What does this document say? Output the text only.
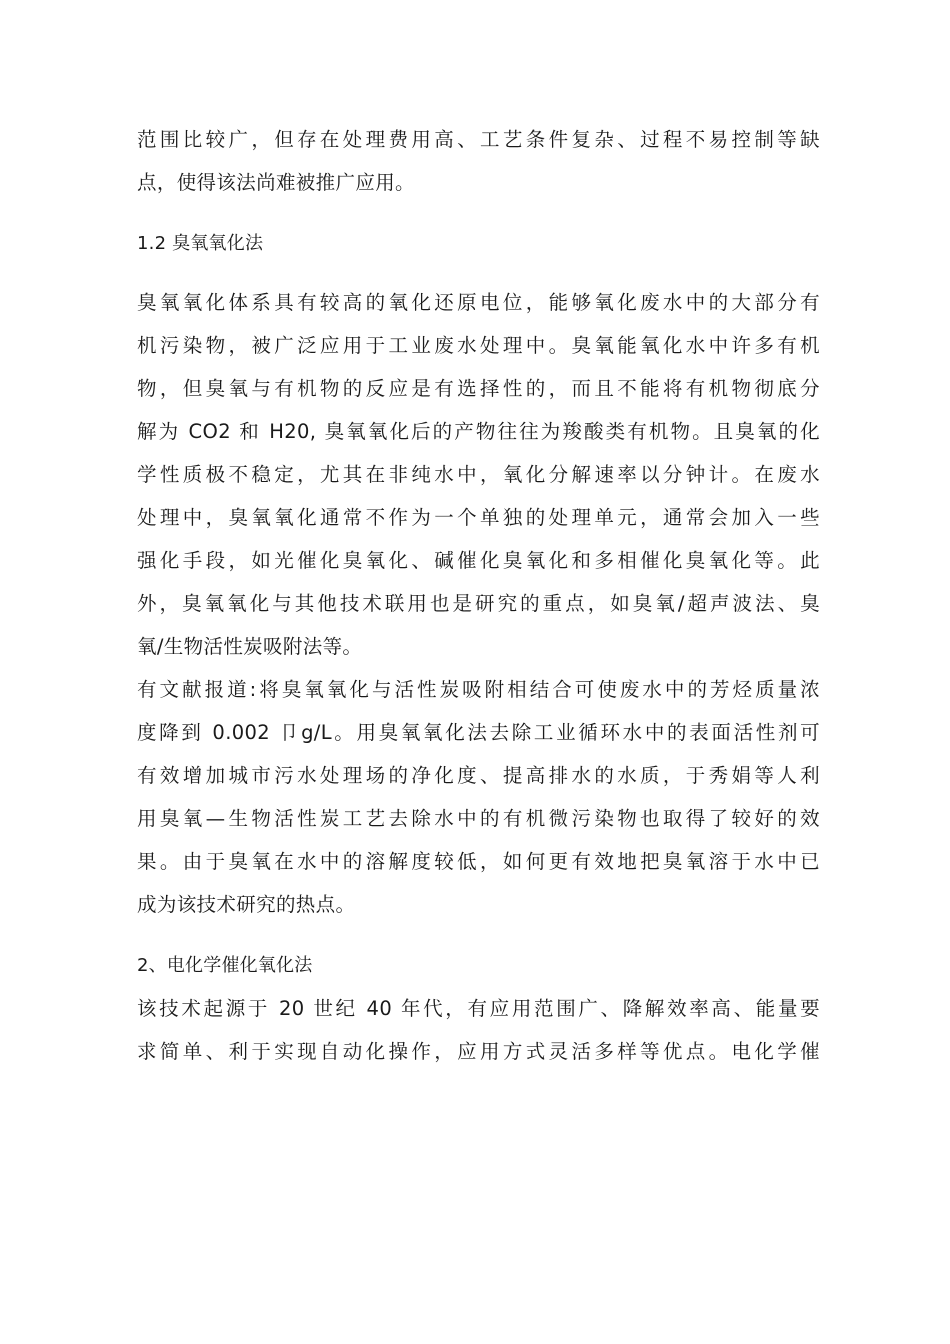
范围比较广，但存在处理费用高、工艺条件复杂、过程不易控制等缺
点，使得该法尚难被推广应用。
1.2 臭氧氧化法
臭氧氧化体系具有较高的氧化还原电位，能够氧化废水中的大部分有
机污染物，被广泛应用于工业废水处理中。臭氧能氧化水中许多有机
物，但臭氧与有机物的反应是有选择性的，而且不能将有机物彻底分
解为 CO2 和 H20, 臭氧氧化后的产物往往为羧酸类有机物。且臭氧的化
学性质极不稳定，尤其在非纯水中，氧化分解速率以分钟计。在废水
处理中，臭氧氧化通常不作为一个单独的处理单元，通常会加入一些
强化手段，如光催化臭氧化、碱催化臭氧化和多相催化臭氧化等。此
外，臭氧氧化与其他技术联用也是研究的重点，如臭氧/超声波法、臭
氧/生物活性炭吸附法等。
有文献报道:将臭氧氧化与活性炭吸附相结合可使废水中的芳烃质量浓
度降到 0.002 卩g/L。用臭氧氧化法去除工业循环水中的表面活性剂可
有效增加城市污水处理场的净化度、提高排水的水质，于秀娟等人利
用臭氧—生物活性炭工艺去除水中的有机微污染物也取得了较好的效
果。由于臭氧在水中的溶解度较低，如何更有效地把臭氧溶于水中已
成为该技术研究的热点。
2、电化学催化氧化法
该技术起源于 20 世纪 40 年代，有应用范围广、降解效率高、能量要
求简单、利于实现自动化操作，应用方式灵活多样等优点。电化学催
